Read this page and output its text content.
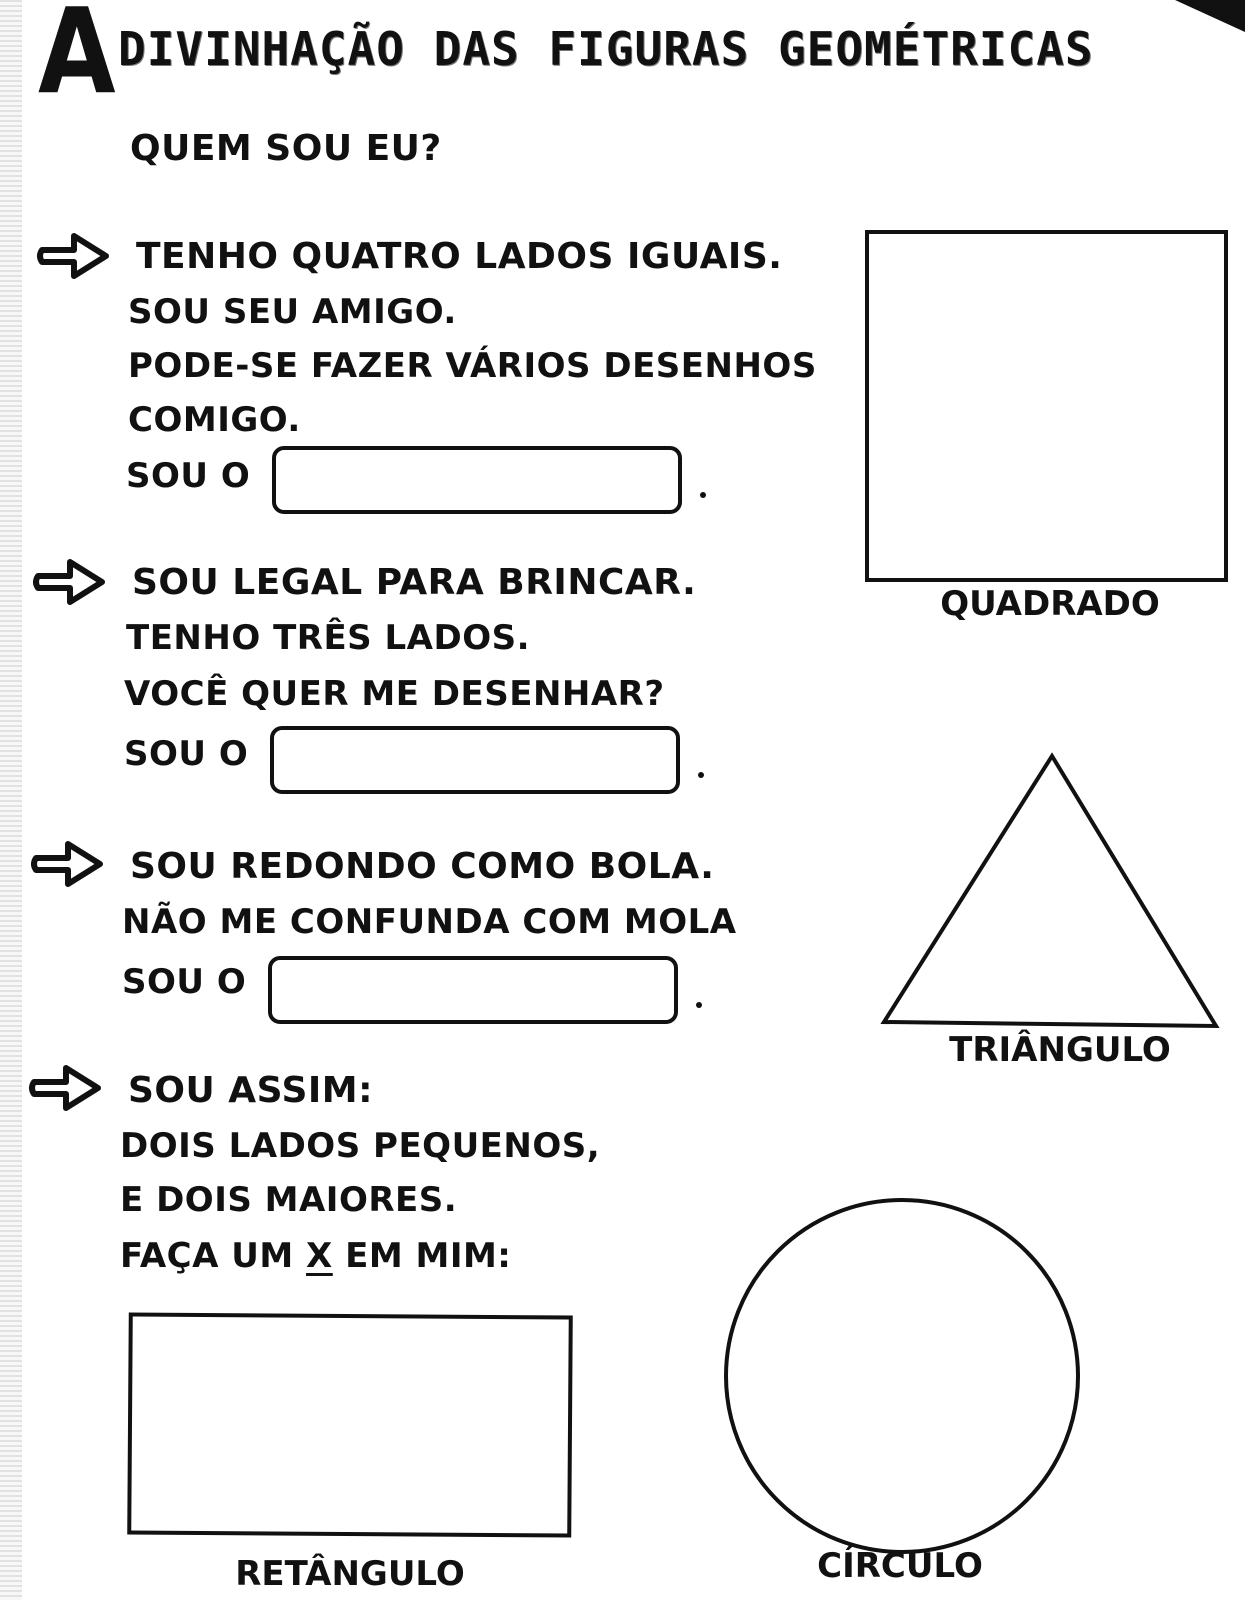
A DIVINHAÇÃO DAS FIGURAS GEOMÉTRICAS
QUEM SOU EU?
TENHO QUATRO LADOS IGUAIS.
SOU SEU AMIGO.
PODE-SE FAZER VÁRIOS DESENHOS
COMIGO.
SOU O
SOU LEGAL PARA BRINCAR.
TENHO TRÊS LADOS.
VOCÊ QUER ME DESENHAR?
SOU O
SOU REDONDO COMO BOLA.
NÃO ME CONFUNDA COM MOLA
SOU O
SOU ASSIM:
DOIS LADOS PEQUENOS,
E DOIS MAIORES.
FAÇA UM X EM MIM:
QUADRADO
TRIÂNGULO
RETÂNGULO	CÍRCULO
